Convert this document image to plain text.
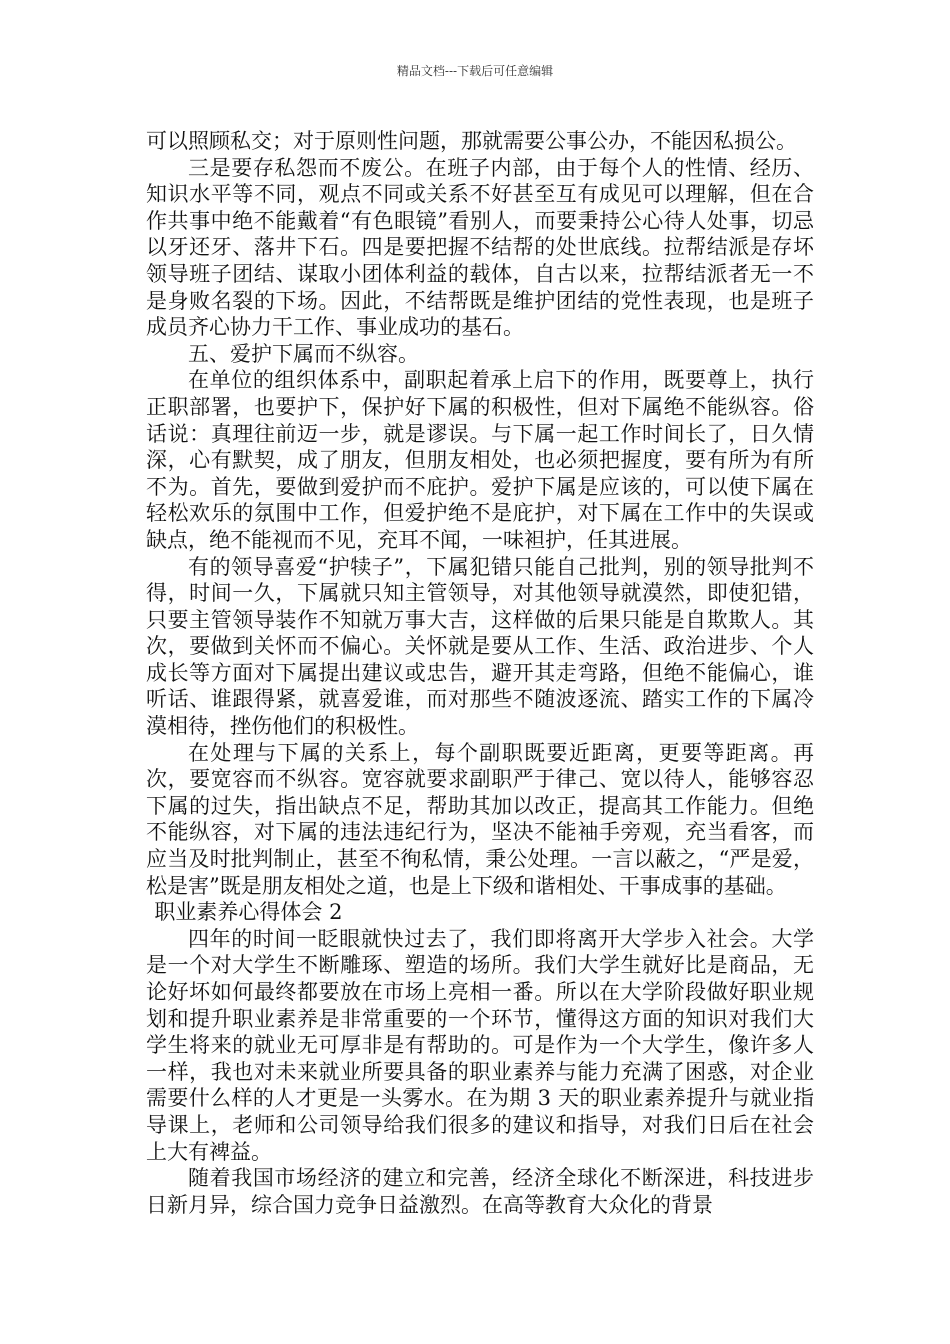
精品文档---下载后可任意编辑

可以照顾私交；对于原则性问题，那就需要公事公办，不能因私损公。

三是要存私怨而不废公。在班子内部，由于每个人的性情、经历、知识水平等不同，观点不同或关系不好甚至互有成见可以理解，但在合作共事中绝不能戴着“有色眼镜”看别人，而要秉持公心待人处事，切忌以牙还牙、落井下石。四是要把握不结帮的处世底线。拉帮结派是存坏领导班子团结、谋取小团体利益的载体，自古以来，拉帮结派者无一不是身败名裂的下场。因此，不结帮既是维护团结的党性表现，也是班子成员齐心协力干工作、事业成功的基石。

五、爱护下属而不纵容。

在单位的组织体系中，副职起着承上启下的作用，既要尊上，执行正职部署，也要护下，保护好下属的积极性，但对下属绝不能纵容。俗话说：真理往前迈一步，就是谬误。与下属一起工作时间长了，日久情深，心有默契，成了朋友，但朋友相处，也必须把握度，要有所为有所不为。首先，要做到爱护而不庇护。爱护下属是应该的，可以使下属在轻松欢乐的氛围中工作，但爱护绝不是庇护，对下属在工作中的失误或缺点，绝不能视而不见，充耳不闻，一味袒护，任其进展。

有的领导喜爱“护犊子”，下属犯错只能自己批判，别的领导批判不得，时间一久，下属就只知主管领导，对其他领导就漠然，即使犯错，只要主管领导装作不知就万事大吉，这样做的后果只能是自欺欺人。其次，要做到关怀而不偏心。关怀就是要从工作、生活、政治进步、个人成长等方面对下属提出建议或忠告，避开其走弯路，但绝不能偏心，谁听话、谁跟得紧，就喜爱谁，而对那些不随波逐流、踏实工作的下属冷漠相待，挫伤他们的积极性。

在处理与下属的关系上，每个副职既要近距离，更要等距离。再次，要宽容而不纵容。宽容就要求副职严于律己、宽以待人，能够容忍下属的过失，指出缺点不足，帮助其加以改正，提高其工作能力。但绝不能纵容，对下属的违法违纪行为，坚决不能袖手旁观，充当看客，而应当及时批判制止，甚至不徇私情，秉公处理。一言以蔽之，“严是爱，松是害”既是朋友相处之道，也是上下级和谐相处、干事成事的基础。

职业素养心得体会 2

四年的时间一眨眼就快过去了，我们即将离开大学步入社会。大学是一个对大学生不断雕琢、塑造的场所。我们大学生就好比是商品，无论好坏如何最终都要放在市场上亮相一番。所以在大学阶段做好职业规划和提升职业素养是非常重要的一个环节，懂得这方面的知识对我们大学生将来的就业无可厚非是有帮助的。可是作为一个大学生，像许多人一样，我也对未来就业所要具备的职业素养与能力充满了困惑，对企业需要什么样的人才更是一头雾水。在为期 3 天的职业素养提升与就业指导课上，老师和公司领导给我们很多的建议和指导，对我们日后在社会上大有裨益。

随着我国市场经济的建立和完善，经济全球化不断深进，科技进步日新月异，综合国力竞争日益激烈。在高等教育大众化的背景
